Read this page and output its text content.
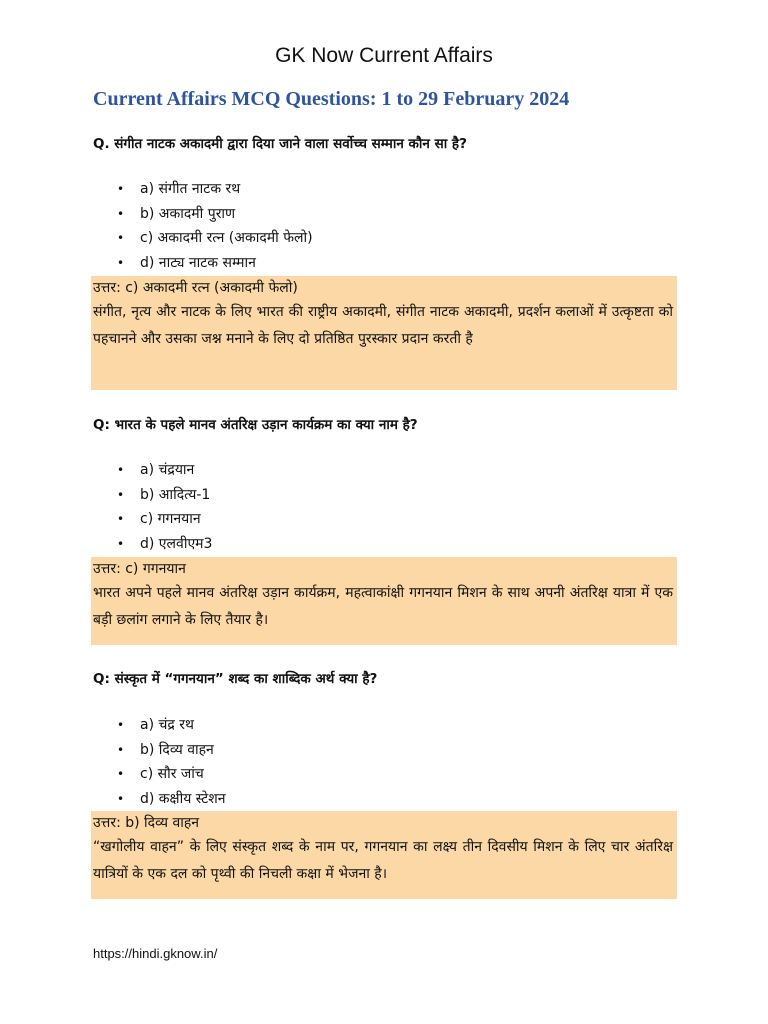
GK Now Current Affairs
Current Affairs MCQ Questions: 1 to 29 February 2024
Q. संगीत नाटक अकादमी द्वारा दिया जाने वाला सर्वोच्च सम्मान कौन सा है?
• a) संगीत नाटक रथ
• b) अकादमी पुराण
• c) अकादमी रत्न (अकादमी फेलो)
• d) नाट्य नाटक सम्मान
उत्तर: c) अकादमी रत्न (अकादमी फेलो)
संगीत, नृत्य और नाटक के लिए भारत की राष्ट्रीय अकादमी, संगीत नाटक अकादमी, प्रदर्शन कलाओं में उत्कृष्टता को पहचानने और उसका जश्न मनाने के लिए दो प्रतिष्ठित पुरस्कार प्रदान करती है
Q: भारत के पहले मानव अंतरिक्ष उड़ान कार्यक्रम का क्या नाम है?
• a) चंद्रयान
• b) आदित्य-1
• c) गगनयान
• d) एलवीएम3
उत्तर: c) गगनयान
भारत अपने पहले मानव अंतरिक्ष उड़ान कार्यक्रम, महत्वाकांक्षी गगनयान मिशन के साथ अपनी अंतरिक्ष यात्रा में एक बड़ी छलांग लगाने के लिए तैयार है।
Q: संस्कृत में “गगनयान” शब्द का शाब्दिक अर्थ क्या है?
• a) चंद्र रथ
• b) दिव्य वाहन
• c) सौर जांच
• d) कक्षीय स्टेशन
उत्तर: b) दिव्य वाहन
“खगोलीय वाहन” के लिए संस्कृत शब्द के नाम पर, गगनयान का लक्ष्य तीन दिवसीय मिशन के लिए चार अंतरिक्ष यात्रियों के एक दल को पृथ्वी की निचली कक्षा में भेजना है।
https://hindi.gknow.in/
